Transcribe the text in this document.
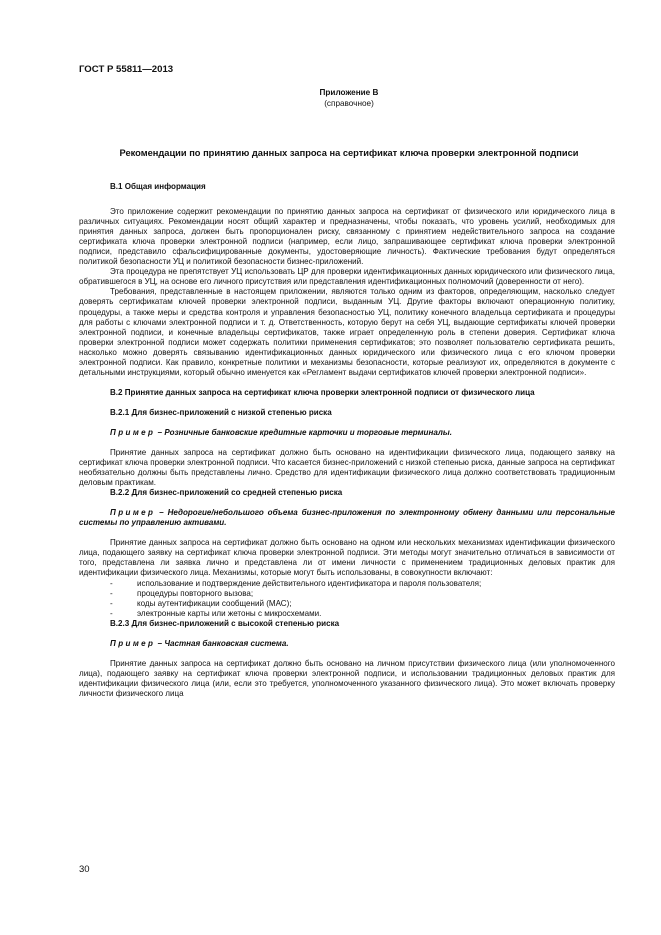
ГОСТ Р 55811—2013
Приложение В
(справочное)
Рекомендации по принятию данных запроса на сертификат ключа проверки электронной подписи

В.1 Общая информация

Это приложение содержит рекомендации по принятию данных запроса на сертификат от физического или юридического лица в различных ситуациях. Рекомендации носят общий характер и предназначены, чтобы показать, что уровень усилий, необходимых для принятия данных запроса, должен быть пропорционален риску, связанному с принятием недействительного запроса на создание сертификата ключа проверки электронной подписи (например, если лицо, запрашивающее сертификат ключа проверки электронной подписи, представило сфальсифицированные документы, удостоверяющие личность). Фактические требования будут определяться политикой безопасности УЦ и политикой безопасности бизнес-приложений.

Эта процедура не препятствует УЦ использовать ЦР для проверки идентификационных данных юридического или физического лица, обратившегося в УЦ, на основе его личного присутствия или представления идентификационных полномочий (доверенности от него).

Требования, представленные в настоящем приложении, являются только одним из факторов, определяющим, насколько следует доверять сертификатам ключей проверки электронной подписи, выданным УЦ. Другие факторы включают операционную политику, процедуры, а также меры и средства контроля и управления безопасностью УЦ, политику конечного владельца сертификата и процедуры для работы с ключами электронной подписи и т. д. Ответственность, которую берут на себя УЦ, выдающие сертификаты ключей проверки электронной подписи, и конечные владельцы сертификатов, также играет определенную роль в степени доверия. Сертификат ключа проверки электронной подписи может содержать политики применения сертификатов; это позволяет пользователю сертификата решить, насколько можно доверять связыванию идентификационных данных юридического или физического лица с его ключом проверки электронной подписи. Как правило, конкретные политики и механизмы безопасности, которые реализуют их, определяются в документе с детальными инструкциями, который обычно именуется как «Регламент выдачи сертификатов ключей проверки электронной подписи».

В.2 Принятие данных запроса на сертификат ключа проверки электронной подписи от физического лица

В.2.1 Для бизнес-приложений с низкой степенью риска

Пример – Розничные банковские кредитные карточки и торговые терминалы.

Принятие данных запроса на сертификат должно быть основано на идентификации физического лица, подающего заявку на сертификат ключа проверки электронной подписи. Что касается бизнес-приложений с низкой степенью риска, данные запроса на сертификат необязательно должны быть представлены лично. Средство для идентификации физического лица должно соответствовать традиционным деловым практикам.

В.2.2 Для бизнес-приложений со средней степенью риска

Пример – Недорогие/небольшого объема бизнес-приложения по электронному обмену данными или персональные системы по управлению активами.

Принятие данных запроса на сертификат должно быть основано на одном или нескольких механизмах идентификации физического лица, подающего заявку на сертификат ключа проверки электронной подписи. Эти методы могут значительно отличаться в зависимости от того, представлена ли заявка лично и представлена ли от имени личности с применением традиционных деловых практик для идентификации физического лица. Механизмы, которые могут быть использованы, в совокупности включают:

- использование и подтверждение действительного идентификатора и пароля пользователя;
- процедуры повторного вызова;
- коды аутентификации сообщений (МАС);
- электронные карты или жетоны с микросхемами.

В.2.3 Для бизнес-приложений с высокой степенью риска

Пример – Частная банковская система.

Принятие данных запроса на сертификат должно быть основано на личном присутствии физического лица (или уполномоченного лица), подающего заявку на сертификат ключа проверки электронной подписи, и использовании традиционных деловых практик для идентификации физического лица (или, если это требуется, уполномоченного указанного физического лица). Это может включать проверку личности физического лица

30
